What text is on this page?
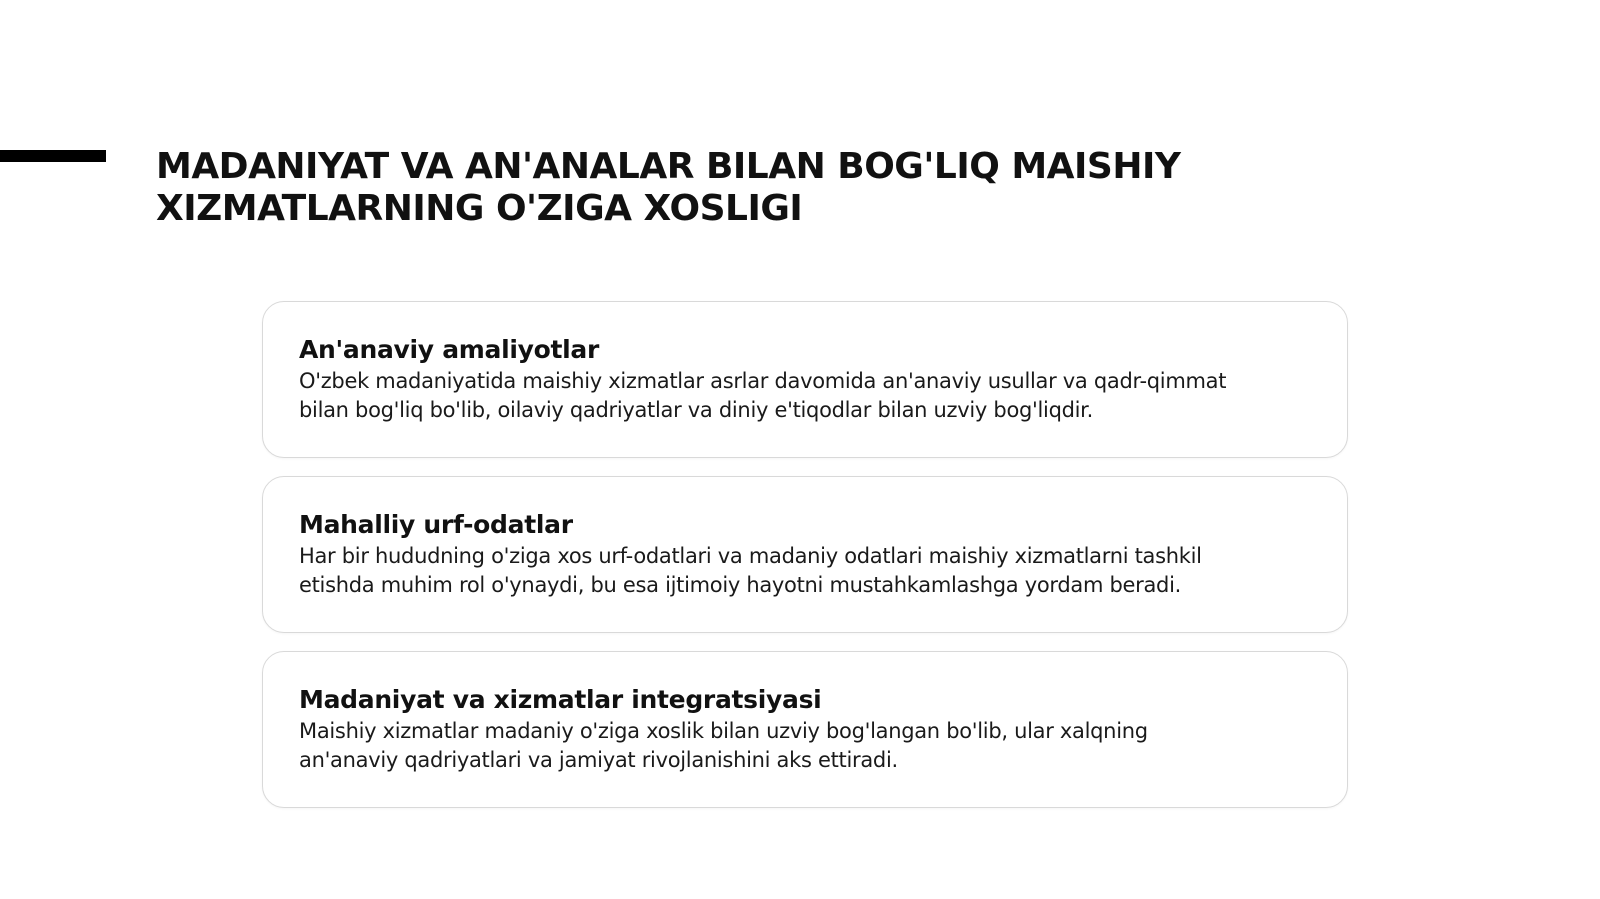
MADANIYAT VA AN'ANALAR BILAN BOG'LIQ MAISHIY
XIZMATLARNING O'ZIGA XOSLIGI
An'anaviy amaliyotlar

O'zbek madaniyatida maishiy xizmatlar asrlar davomida an'anaviy usullar va qadr-qimmat
bilan bog'liq bo'lib, oilaviy qadriyatlar va diniy e'tiqodlar bilan uzviy bog'liqdir.

Mahalliy urf-odatlar

Har bir hududning o'ziga xos urf-odatlari va madaniy odatlari maishiy xizmatlarni tashkil
etishda muhim rol o'ynaydi, bu esa ijtimoiy hayotni mustahkamlashga yordam beradi.

Madaniyat va xizmatlar integratsiyasi

Maishiy xizmatlar madaniy o'ziga xoslik bilan uzviy bog'langan bo'lib, ular xalqning
an'anaviy qadriyatlari va jamiyat rivojlanishini aks ettiradi.
